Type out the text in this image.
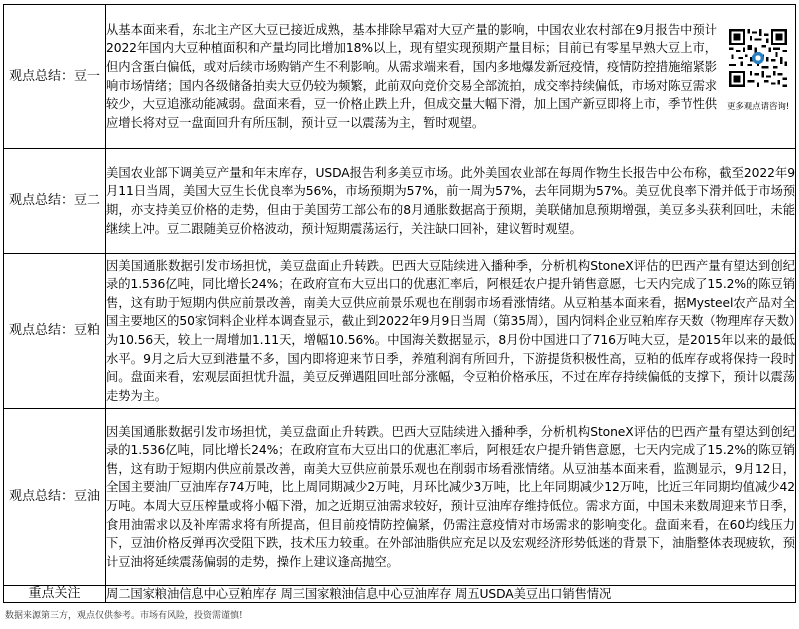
观点总结：豆一	从基本面来看，东北主产区大豆已接近成熟，基本排除早霜对大豆产量的影响，中国农业农村部在9月报告中预计2022年国内大豆种植面积和产量均同比增加18%以上，现有望实现预期产量目标；目前已有零星早熟大豆上市，但内含蛋白偏低，或对后续市场购销产生不利影响。从需求端来看，国内多地爆发新冠疫情，疫情防控措施缩紧影响市场情绪；国内各级储备拍卖大豆仍较为频繁，此前双向竞价交易全部流拍，成交率持续偏低，市场对陈豆需求较少，大豆追涨动能减弱。盘面来看，豆一价格止跌上升，但成交量大幅下滑，加上国产新豆即将上市，季节性供应增长将对豆一盘面回升有所压制，预计豆一以震荡为主，暂时观望。
更多观点请咨询!

观点总结：豆二	美国农业部下调美豆产量和年末库存，USDA报告利多美豆市场。此外美国农业部在每周作物生长报告中公布称，截至2022年9月11日当周，美国大豆生长优良率为56%，市场预期为57%，前一周为57%，去年同期为57%。美豆优良率下滑并低于市场预期，亦支持美豆价格的走势，但由于美国劳工部公布的8月通胀数据高于预期，美联储加息预期增强，美豆多头获利回吐，未能继续上冲。豆二跟随美豆价格波动，预计短期震荡运行，关注缺口回补，建议暂时观望。
观点总结：豆粕	因美国通胀数据引发市场担忧，美豆盘面止升转跌。巴西大豆陆续进入播种季，分析机构StoneX评估的巴西产量有望达到创纪录的1.536亿吨，同比增长24%；在政府宣布大豆出口的优惠汇率后，阿根廷农户提升销售意愿，七天内完成了15.2%的陈豆销售，这有助于短期内供应前景改善，南美大豆供应前景乐观也在削弱市场看涨情绪。从豆粕基本面来看，据Mysteel农产品对全国主要地区的50家饲料企业样本调查显示，截止到2022年9月9日当周（第35周），国内饲料企业豆粕库存天数（物理库存天数）为10.56天，较上一周增加1.11天，增幅10.56%。中国海关数据显示，8月份中国进口了716万吨大豆，是2015年以来的最低水平。9月之后大豆到港量不多，国内即将迎来节日季，养殖利润有所回升，下游提货积极性高，豆粕的低库存或将保持一段时间。盘面来看，宏观层面担忧升温，美豆反弹遇阻回吐部分涨幅，令豆粕价格承压，不过在库存持续偏低的支撑下，预计以震荡走势为主。
观点总结：豆油	因美国通胀数据引发市场担忧，美豆盘面止升转跌。巴西大豆陆续进入播种季，分析机构StoneX评估的巴西产量有望达到创纪录的1.536亿吨，同比增长24%；在政府宣布大豆出口的优惠汇率后，阿根廷农户提升销售意愿，七天内完成了15.2%的陈豆销售，这有助于短期内供应前景改善，南美大豆供应前景乐观也在削弱市场看涨情绪。从豆油基本面来看，监测显示，9月12日，全国主要油厂豆油库存74万吨，比上周同期减少2万吨，月环比减少3万吨，比上年同期减少12万吨，比近三年同期均值减少42万吨。本周大豆压榨量或将小幅下滑，加之近期豆油需求较好，预计豆油库存维持低位。需求方面，中国未来数周迎来节日季，食用油需求以及补库需求将有所提高，但目前疫情防控偏紧，仍需注意疫情对市场需求的影响变化。盘面来看，在60均线压力下，豆油价格反弹再次受阻下跌，技术压力较重。在外部油脂供应充足以及宏观经济形势低迷的背景下，油脂整体表现疲软，预计豆油将延续震荡偏弱的走势，操作上建议逢高抛空。
重点关注	周二国家粮油信息中心豆粕库存 周三国家粮油信息中心豆油库存 周五USDA美豆出口销售情况
数据来源第三方，观点仅供参考。市场有风险，投资需谨慎!
